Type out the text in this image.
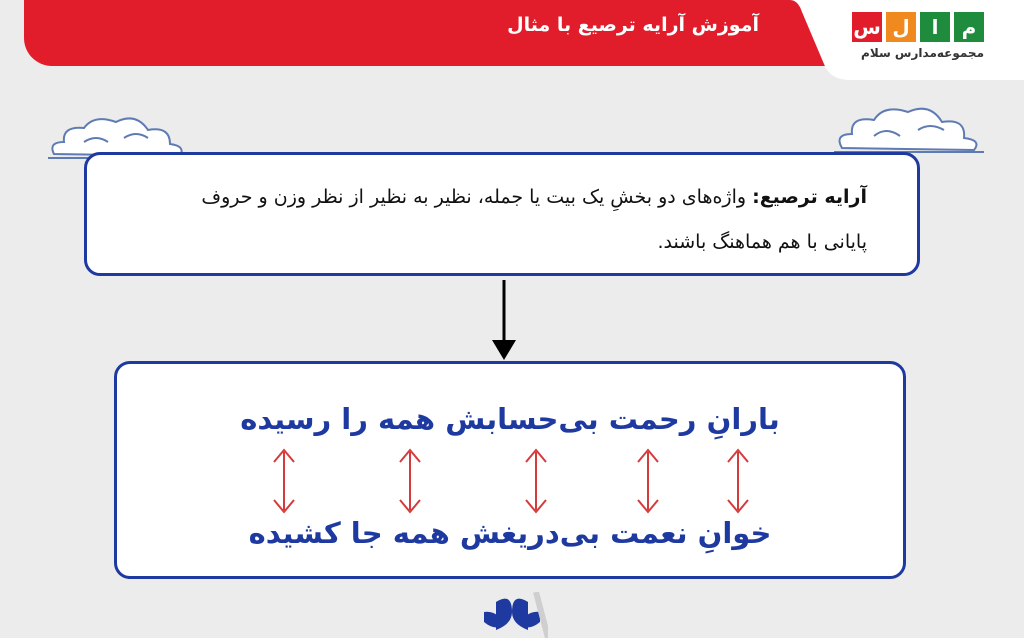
آموزش آرایه ترصیع با مثال	س ل	ا	م
مجموعه‌مدارس سلام
آرایه ترصیع: واژه‌های دو بخشِ یک بیت یا جمله، نظیر به نظیر از نظر وزن و حروف پایانی با هم هماهنگ باشند.
بارانِ رحمت بی‌حسابش همه را رسیده
خوانِ نعمت بی‌دریغش همه جا کشیده
